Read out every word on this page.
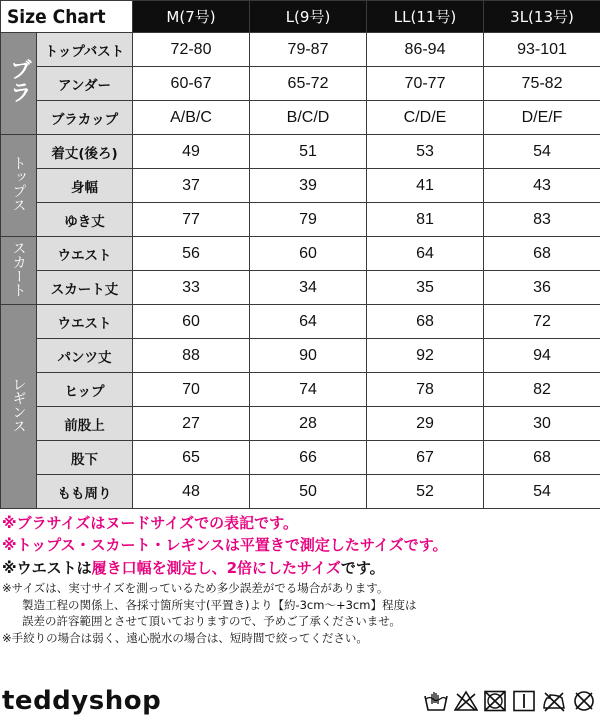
Size Chart		M(7号)	L(9号)	LL(11号)	3L(13号)
ブラ	トップバスト	72-80	79-87	86-94	93-101
	アンダー	60-67	65-72	70-77	75-82
	ブラカップ	A/B/C	B/C/D	C/D/E	D/E/F
トップス	着丈(後ろ)	49	51	53	54
	身幅	37	39	41	43
	ゆき丈	77	79	81	83
スカート	ウエスト	56	60	64	68
	スカート丈	33	34	35	36
レギンス	ウエスト	60	64	68	72
	パンツ丈	88	90	92	94
	ヒップ	70	74	78	82
	前股上	27	28	29	30
	股下	65	66	67	68
	もも周り	48	50	52	54
※ブラサイズはヌードサイズでの表記です。
※トップス・スカート・レギンスは平置きで測定したサイズです。
※ウエストは履き口幅を測定し、2倍にしたサイズです。
※サイズは、実寸サイズを測っているため多少誤差がでる場合があります。
製造工程の関係上、各採寸箇所実寸(平置き)より【約-3cm〜+3cm】程度は
誤差の許容範囲とさせて頂いておりますので、予めご了承くださいませ。
※手絞りの場合は弱く、遠心脱水の場合は、短時間で絞ってください。
teddyshop
